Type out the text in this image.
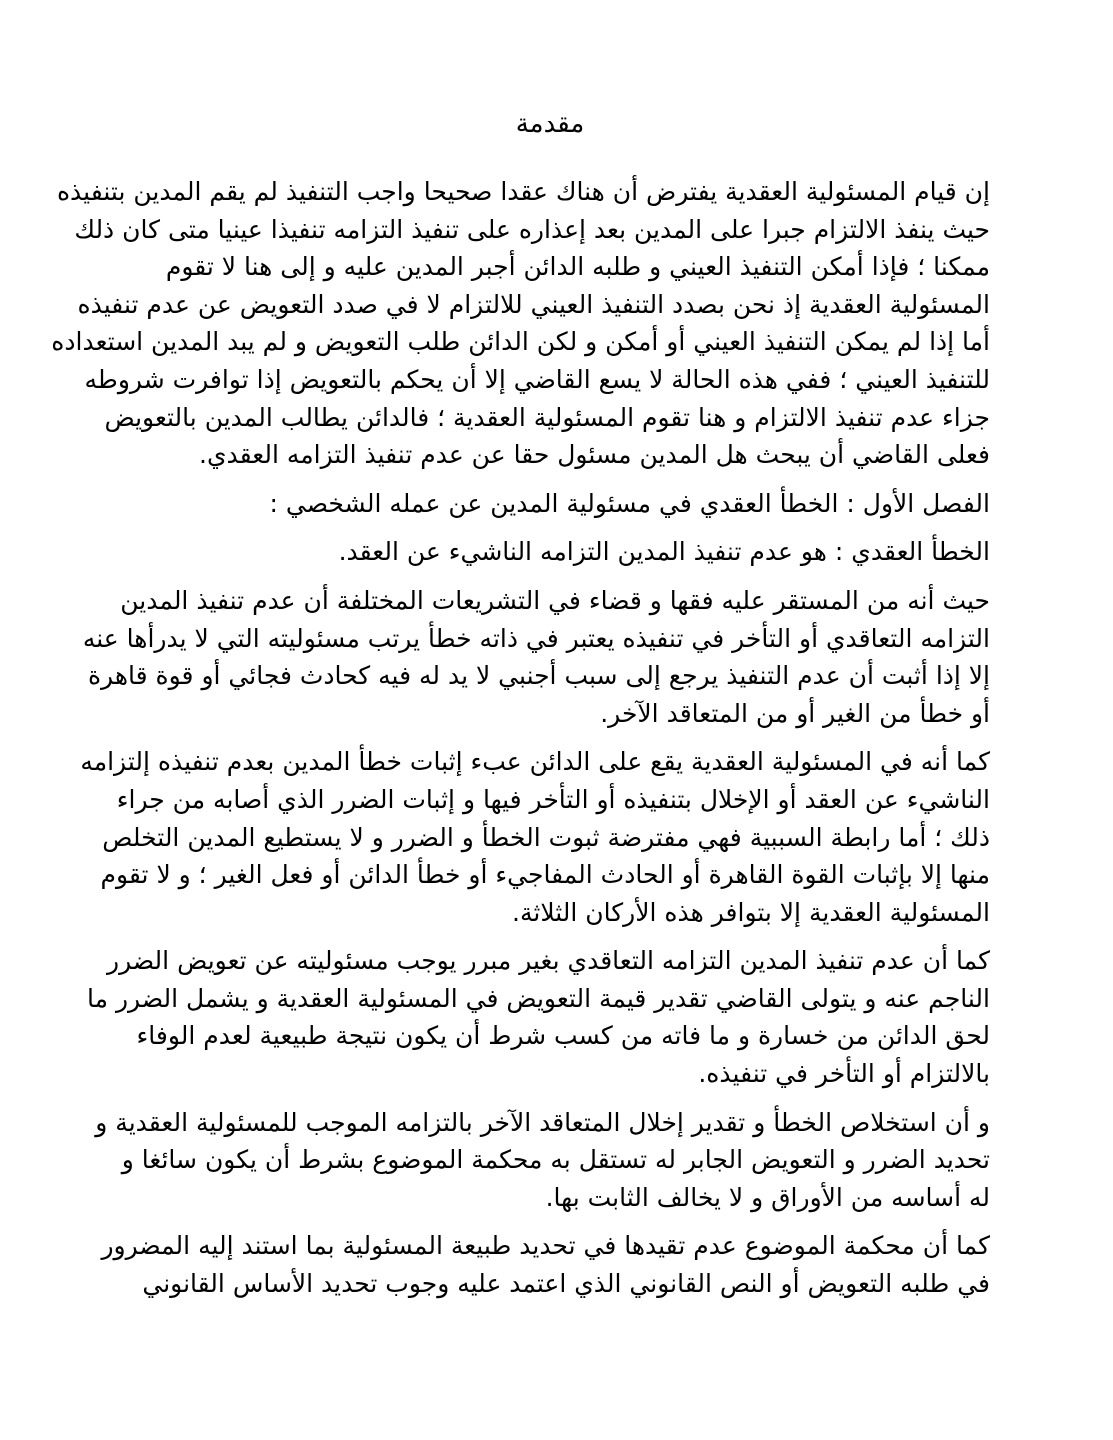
مقدمة
إن قيام المسئولية العقدية يفترض أن هناك عقدا صحيحا واجب التنفيذ لم يقم المدين بتنفيذه
حيث ينفذ الالتزام جبرا على المدين بعد إعذاره على تنفيذ التزامه تنفيذا عينيا متى كان ذلك
ممكنا ؛ فإذا أمكن التنفيذ العيني و طلبه الدائن أجبر المدين عليه و إلى هنا لا تقوم
المسئولية العقدية إذ نحن بصدد التنفيذ العيني للالتزام لا في صدد التعويض عن عدم تنفيذه
أما إذا لم يمكن التنفيذ العيني أو أمكن و لكن الدائن طلب التعويض و لم يبد المدين استعداده
للتنفيذ العيني ؛ ففي هذه الحالة لا يسع القاضي إلا أن يحكم بالتعويض إذا توافرت شروطه
جزاء عدم تنفيذ الالتزام و هنا تقوم المسئولية العقدية ؛ فالدائن يطالب المدين بالتعويض
فعلى القاضي أن يبحث هل المدين مسئول حقا عن عدم تنفيذ التزامه العقدي.
الفصل الأول : الخطأ العقدي في مسئولية المدين عن عمله الشخصي :
الخطأ العقدي : هو عدم تنفيذ المدين التزامه الناشيء عن العقد.
حيث أنه من المستقر عليه فقها و قضاء في التشريعات المختلفة أن عدم تنفيذ المدين
التزامه التعاقدي أو التأخر في تنفيذه يعتبر في ذاته خطأ يرتب مسئوليته التي لا يدرأها عنه
إلا إذا أثبت أن عدم التنفيذ يرجع إلى سبب أجنبي لا يد له فيه كحادث فجائي أو قوة قاهرة
أو خطأ من الغير أو من المتعاقد الآخر.
كما أنه في المسئولية العقدية يقع على الدائن عبء إثبات خطأ المدين بعدم تنفيذه إلتزامه
الناشيء عن العقد أو الإخلال بتنفيذه أو التأخر فيها و إثبات الضرر الذي أصابه من جراء
ذلك ؛ أما رابطة السببية فهي مفترضة ثبوت الخطأ و الضرر و لا يستطيع المدين التخلص
منها إلا بإثبات القوة القاهرة أو الحادث المفاجيء أو خطأ الدائن أو فعل الغير ؛ و لا تقوم
المسئولية العقدية إلا بتوافر هذه الأركان الثلاثة.
كما أن عدم تنفيذ المدين التزامه التعاقدي بغير مبرر يوجب مسئوليته عن تعويض الضرر
الناجم عنه و يتولى القاضي تقدير قيمة التعويض في المسئولية العقدية و يشمل الضرر ما
لحق الدائن من خسارة و ما فاته من كسب شرط أن يكون نتيجة طبيعية لعدم الوفاء
بالالتزام أو التأخر في تنفيذه.
و أن استخلاص الخطأ و تقدير إخلال المتعاقد الآخر بالتزامه الموجب للمسئولية العقدية و
تحديد الضرر و التعويض الجابر له تستقل به محكمة الموضوع بشرط أن يكون سائغا و
له أساسه من الأوراق و لا يخالف الثابت بها.
كما أن محكمة الموضوع عدم تقيدها في تحديد طبيعة المسئولية بما استند إليه المضرور
في طلبه التعويض أو النص القانوني الذي اعتمد عليه وجوب تحديد الأساس القانوني
